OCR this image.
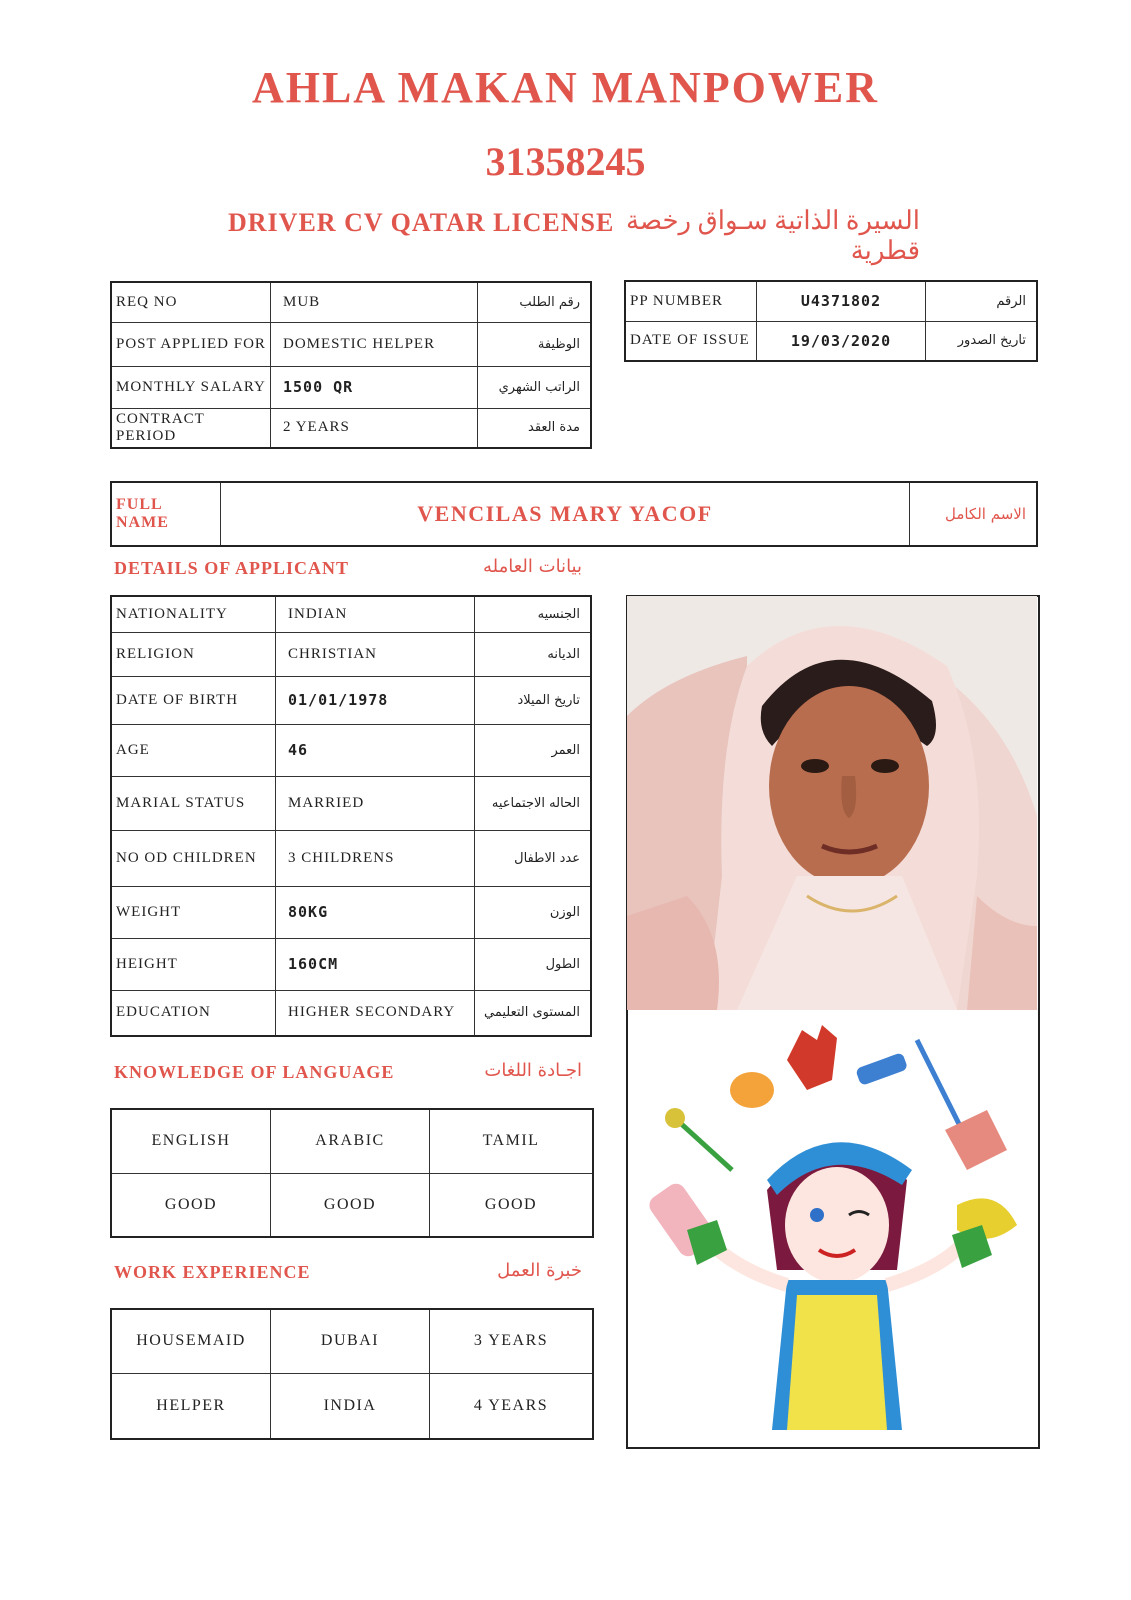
AHLA MAKAN MANPOWER
31358245
DRIVER CV QATAR LICENSE السيرة الذاتية سـواق رخصة قطرية
REQ NO	MUB	رقم الطلب
POST APPLIED FOR	DOMESTIC HELPER	الوظيفة
MONTHLY SALARY	1500 QR	الراتب الشهري
CONTRACT PERIOD	2 YEARS	مدة العقد
PP NUMBER	U4371802	الرقم
DATE OF ISSUE	19/03/2020	تاريخ الصدور
FULL NAME	VENCILAS MARY YACOF	الاسم الكامل
DETAILS OF APPLICANT	بيانات العامله
NATIONALITY	INDIAN	الجنسيه
RELIGION	CHRISTIAN	الديانه
DATE OF BIRTH	01/01/1978	تاريخ الميلاد
AGE	46	العمر
MARIAL STATUS	MARRIED	الحاله الاجتماعيه
NO OD CHILDREN	3 CHILDRENS	عدد الاطفال
WEIGHT	80KG	الوزن
HEIGHT	160CM	الطول
EDUCATION	HIGHER SECONDARY	المستوى التعليمي
KNOWLEDGE OF LANGUAGE	اجـادة اللغات
ENGLISH	ARABIC	TAMIL
GOOD	GOOD	GOOD
WORK EXPERIENCE	خبرة العمل
HOUSEMAID	DUBAI	3 YEARS
HELPER	INDIA	4 YEARS
